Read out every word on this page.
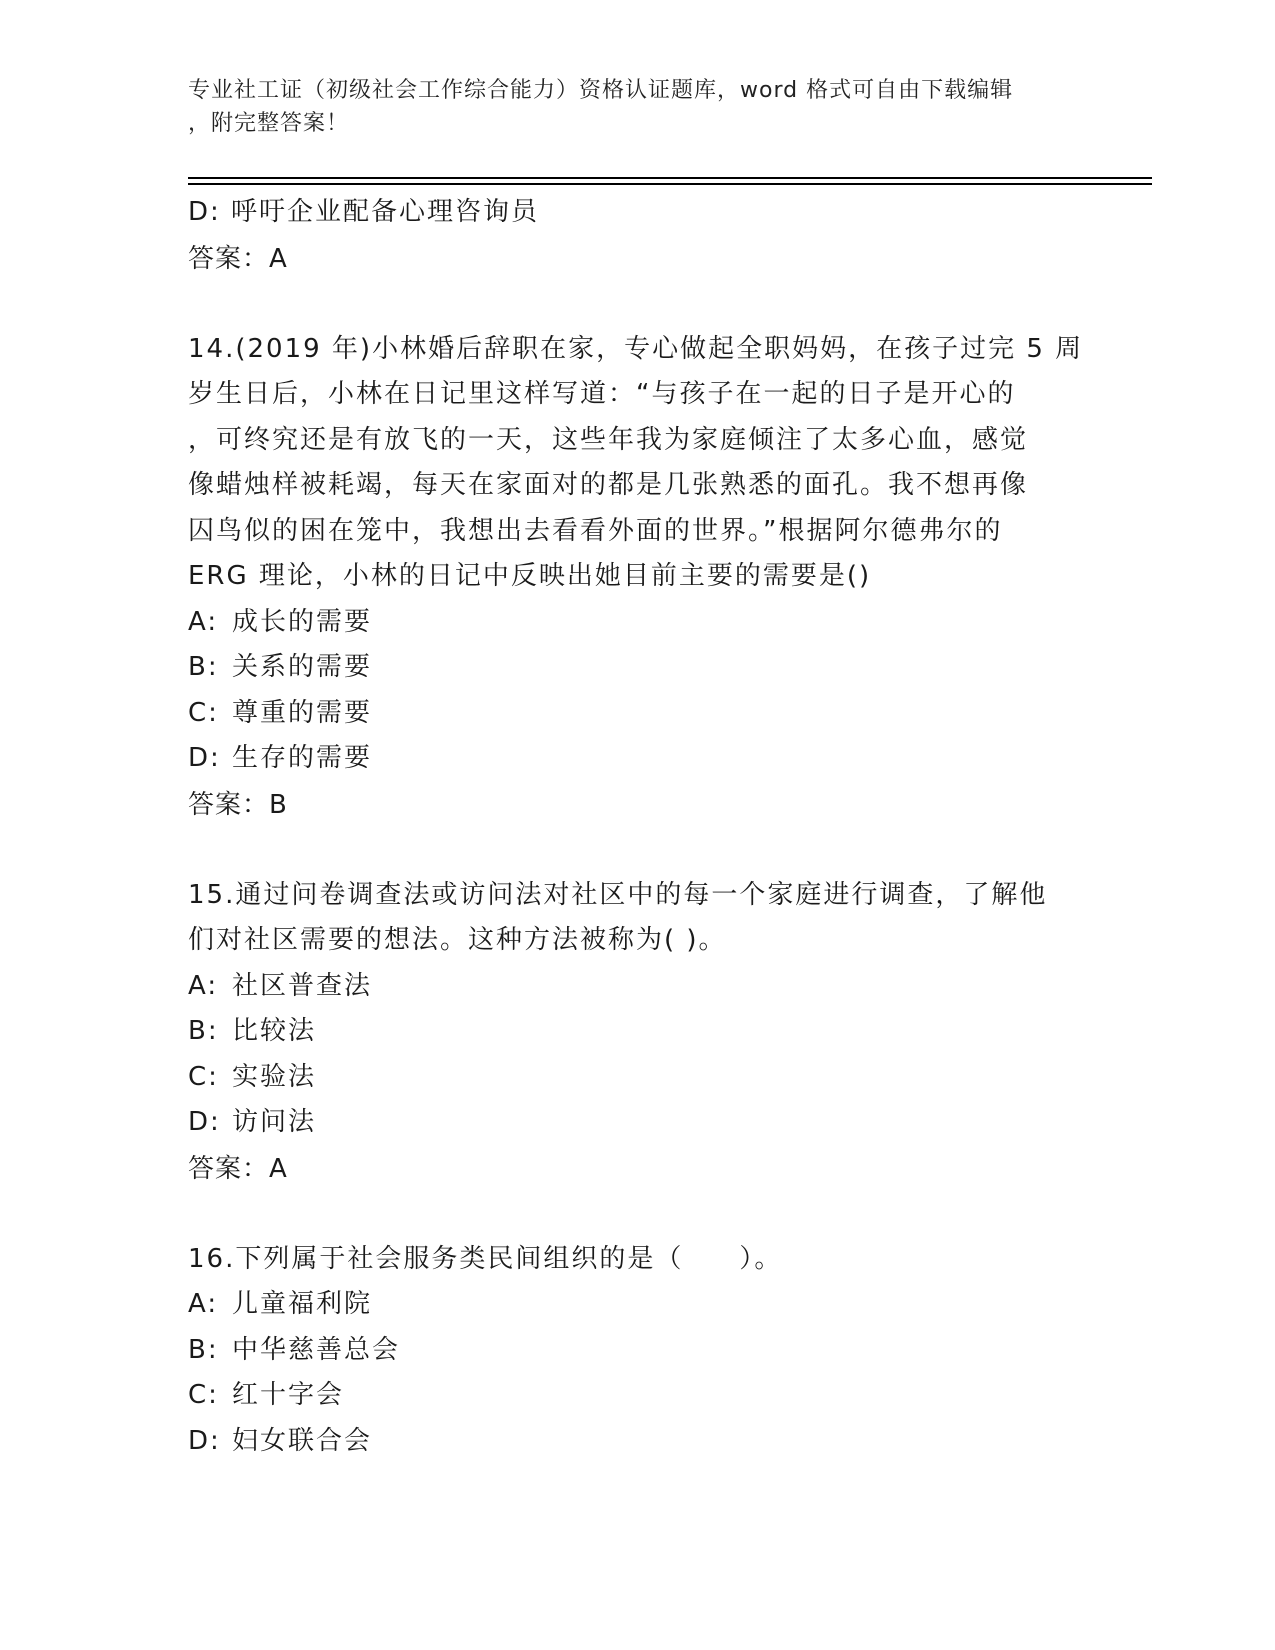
专业社工证（初级社会工作综合能力）资格认证题库，word 格式可自由下载编辑
，附完整答案！
D: 呼吁企业配备心理咨询员
答案：A
14.(2019 年)小林婚后辞职在家，专心做起全职妈妈，在孩子过完 5 周
岁生日后，小林在日记里这样写道：“与孩子在一起的日子是开心的
，可终究还是有放飞的一天，这些年我为家庭倾注了太多心血，感觉
像蜡烛样被耗竭，每天在家面对的都是几张熟悉的面孔。我不想再像
囚鸟似的困在笼中，我想出去看看外面的世界。”根据阿尔德弗尔的
ERG 理论，小林的日记中反映出她目前主要的需要是()
A: 成长的需要
B: 关系的需要
C: 尊重的需要
D: 生存的需要
答案：B
15.通过问卷调查法或访问法对社区中的每一个家庭进行调查，了解他
们对社区需要的想法。这种方法被称为( )。
A: 社区普查法
B: 比较法
C: 实验法
D: 访问法
答案：A
16.下列属于社会服务类民间组织的是（　　）。
A: 儿童福利院
B: 中华慈善总会
C: 红十字会
D: 妇女联合会
